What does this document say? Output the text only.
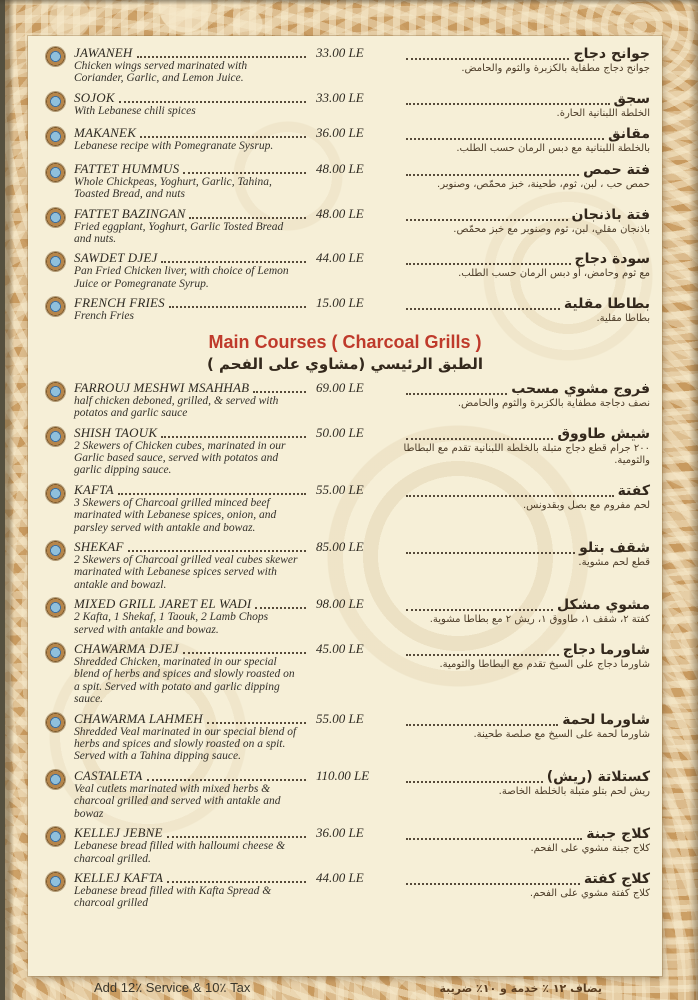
JAWANEH
Chicken wings served marinated with Coriander, Garlic, and Lemon Juice.
33.00 LE	جوانح دجاج
جوانح دجاج مطفاية بالكزبرة والثوم والحامض.
SOJOK
With Lebanese chili spices
33.00 LE	سجق
الخلطة اللبنانية الحارة.
MAKANEK
Lebanese recipe with Pomegranate Sysrup.
36.00 LE	مقانق
بالخلطة اللبنانية مع دبس الرمان حسب الطلب.
FATTET HUMMUS
Whole Chickpeas, Yoghurt, Garlic, Tahina, Toasted Bread, and nuts
48.00 LE	فتة حمص
حمص حب ، لبن، ثوم، طحينة، خبز محمّص، وصنوبر.
FATTET BAZINGAN
Fried eggplant, Yoghurt, Garlic Tosted Bread and nuts.
48.00 LE	فتة باذنجان
باذنجان مقلي، لبن، ثوم وصنوبر مع خبز محمّص.
SAWDET DJEJ
Pan Fried Chicken liver, with choice of Lemon Juice or Pomegranate Syrup.
44.00 LE	سودة دجاج
مع ثوم وحامض، أو دبس الرمان حسب الطلب.
FRENCH FRIES
French Fries
15.00 LE	بطاطا مقلية
بطاطا مقلية.
Main Courses ( Charcoal Grills )
الطبق الرئيسي (مشاوي على الفحم )
FARROUJ MESHWI MSAHHAB
half chicken deboned, grilled, & served with potatos and garlic sauce
69.00 LE	فروج مشوي مسحب
نصف دجاجة مطفاية بالكزبرة والثوم والحامض.
SHISH TAOUK
2 Skewers of Chicken cubes, marinated in our Garlic based sauce, served with potatos and garlic dipping sauce.
50.00 LE	شيش طاووق
٢٠٠ جرام قطع دجاج متبلة بالخلطة اللبنانية تقدم مع البطاطا والثومية.
KAFTA
3 Skewers of Charcoal grilled minced beef marinated with Lebanese spices, onion, and parsley served with antakle and bowaz.
55.00 LE	كفتة
لحم مفروم مع بصل وبقدونس.
SHEKAF
2 Skewers of Charcoal grilled veal cubes skewer marinated with Lebanese spices served with antakle and bowazl.
85.00 LE	شقف بتلو
قطع لحم مشوية.
MIXED GRILL JARET EL WADI
2 Kafta, 1 Shekaf, 1 Taouk, 2 Lamb Chops served with antakle and bowaz.
98.00 LE	مشوي مشكل
كفتة ٢، شقف ١، طاووق ١، ريش ٢ مع بطاطا مشوية.
CHAWARMA DJEJ
Shredded Chicken, marinated in our special blend of herbs and spices and slowly roasted on a spit. Served with potato and garlic dipping sauce.
45.00 LE	شاورما دجاج
شاورما دجاج على السيخ تقدم مع البطاطا والثومية.
CHAWARMA LAHMEH
Shredded Veal marinated in our special blend of herbs and spices and slowly roasted on a spit. Served with a Tahina dipping sauce.
55.00 LE	شاورما لحمة
شاورما لحمة على السيخ مع صلصة طحينة.
CASTALETA
Veal cutlets marinated with mixed herbs & charcoal grilled and served with antakle and bowaz
110.00 LE	كستلاتة (ريش)
ريش لحم بتلو متبلة بالخلطة الخاصة.
KELLEJ JEBNE
Lebanese bread filled with halloumi cheese & charcoal grilled.
36.00 LE	كلاج جبنة
كلاج جبنة مشوي على الفحم.
KELLEJ KAFTA
Lebanese bread filled with Kafta Spread & charcoal grilled
44.00 LE	كلاج كفتة
كلاج كفتة مشوي على الفحم.
Add 12٪ Service & 10٪ Tax	يضاف ١٢ ٪ خدمة و ١٠٪ ضريبة
